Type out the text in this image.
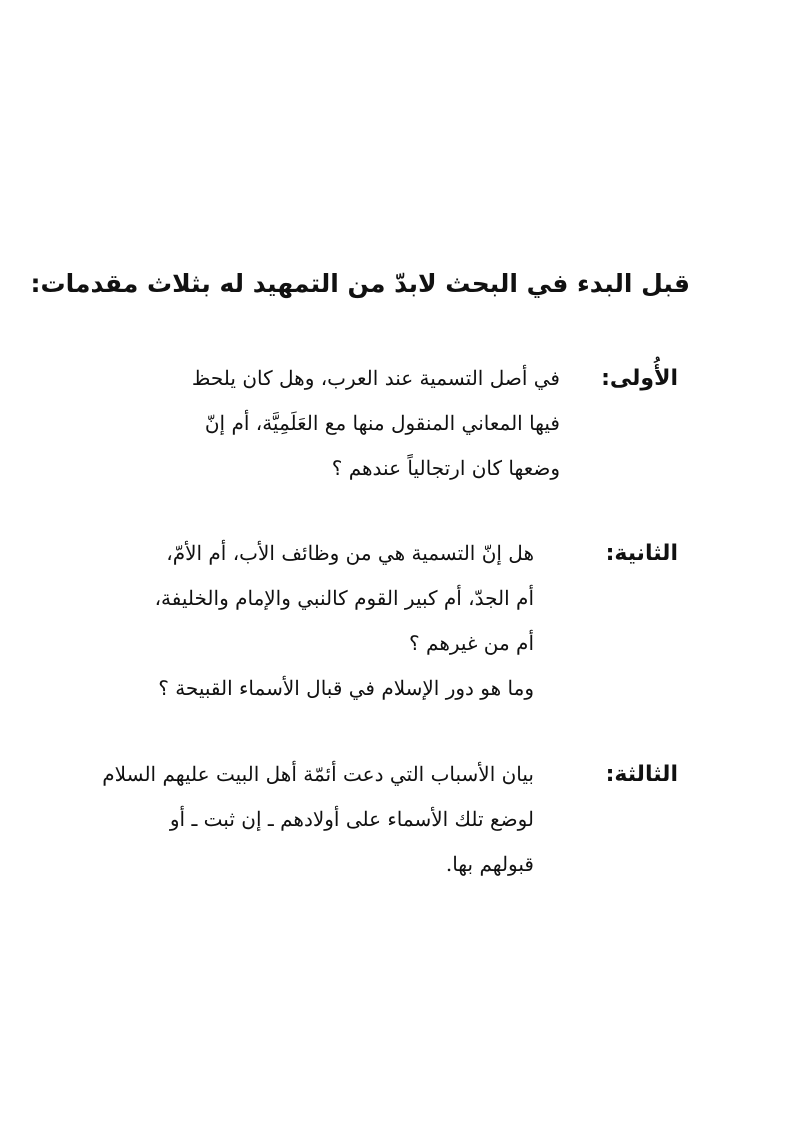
قبل البدء في البحث لابدّ من التمهيد له بثلاث مقدمات:
الأُولى:
في أصل التسمية عند العرب، وهل كان يلحظ
فيها المعاني المنقول منها مع العَلَمِيَّة، أم إنّ
وضعها كان ارتجالياً عندهم ؟
الثانية:
هل إنّ التسمية هي من وظائف الأب، أم الأمّ،
أم الجدّ، أم كبير القوم كالنبي والإمام والخليفة،
أم من غيرهم ؟
وما هو دور الإسلام في قبال الأسماء القبيحة ؟
الثالثة:
بيان الأسباب التي دعت أئمّة أهل البيت عليهم السلام
لوضع تلك الأسماء على أولادهم ـ إن ثبت ـ أو
قبولهم بها.
